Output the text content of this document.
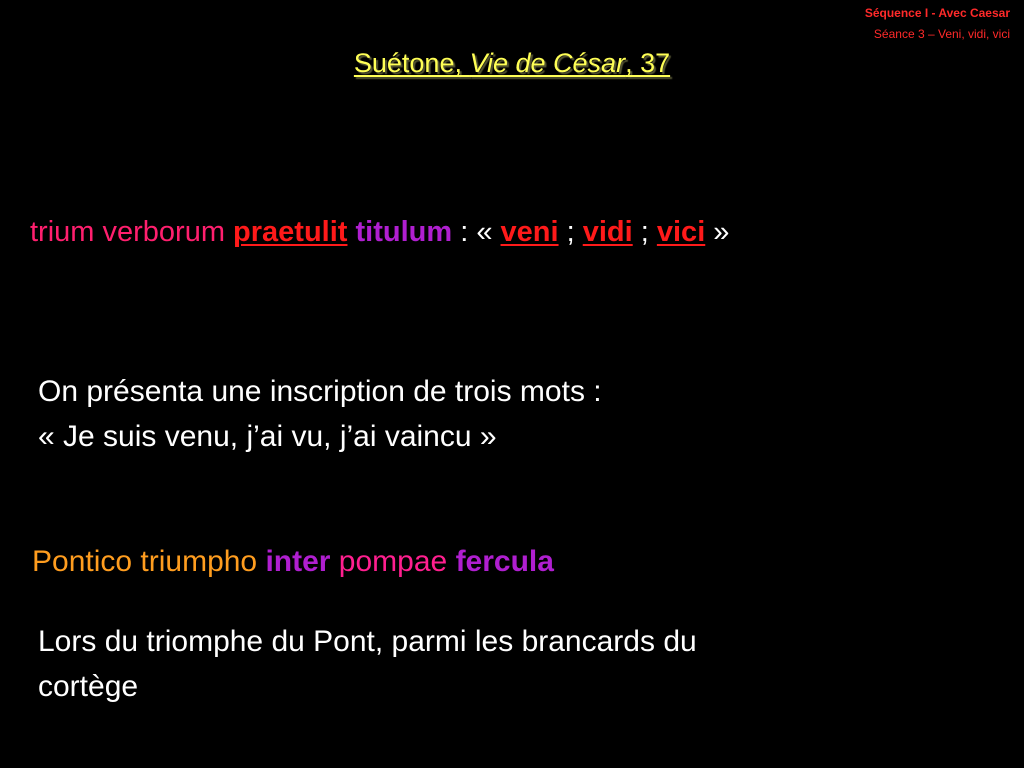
Séquence I - Avec Caesar
Séance 3 – Veni, vidi, vici
Suétone, Vie de César, 37
trium verborum praetulit titulum : « veni ; vidi ; vici »
On présenta une inscription de trois mots :
« Je suis venu, j’ai vu, j’ai vaincu »
Pontico triumpho inter pompae fercula
Lors du triomphe du Pont, parmi les brancards du
cortège
